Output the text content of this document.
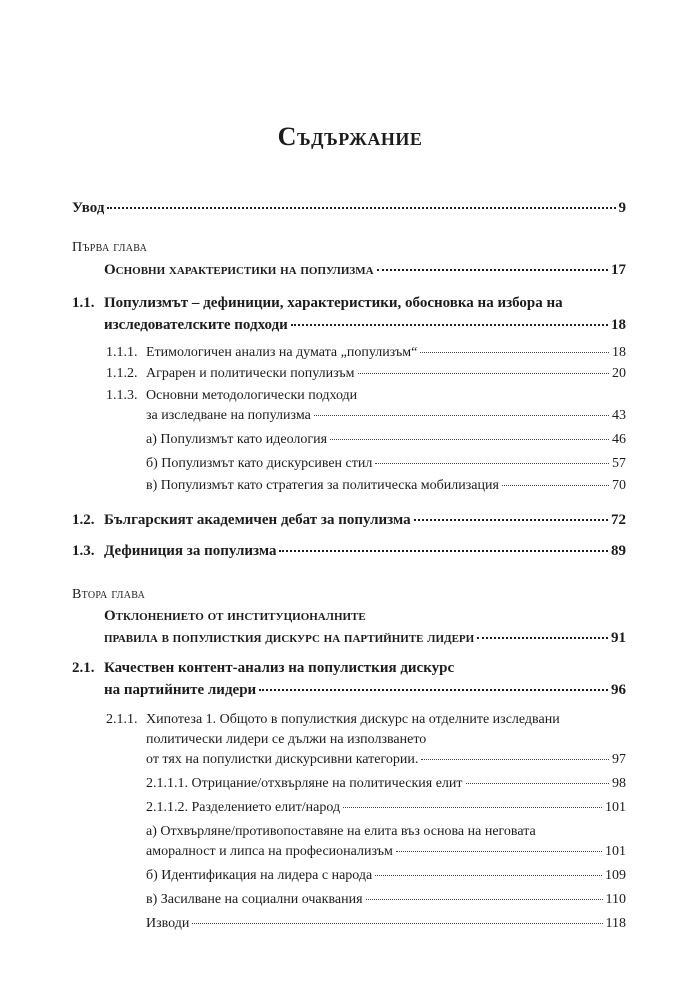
Съдържание
Увод	9
Първа глава
Основни характеристики на популизма	17
1.1. Популизмът – дефиниции, характеристики, обосновка на избора на
изследователските подходи	18
1.1.1. Етимологичен анализ на думата „популизъм“	18
1.1.2. Аграрен и политически популизъм	20
1.1.3. Основни методологически подходи
за изследване на популизма	43
а) Популизмът като идеология	46
б) Популизмът като дискурсивен стил	57
в) Популизмът като стратегия за политическа мобилизация	70
1.2. Българският академичен дебат за популизма	72
1.3. Дефиниция за популизма	89
Втора глава
Отклонението от институционалните
правила в популисткия дискурс на партийните лидери	91
2.1. Качествен контент-анализ на популисткия дискурс
на партийните лидери	96
2.1.1. Хипотеза 1. Общото в популисткия дискурс на отделните изследвани
политически лидери се дължи на използването
от тях на популистки дискурсивни категории.	97
2.1.1.1. Отрицание/отхвърляне на политическия елит	98
2.1.1.2. Разделението елит/народ	101
а) Отхвърляне/противопоставяне на елита въз основа на неговата
аморалност и липса на професионализъм	101
б) Идентификация на лидера с народа	109
в) Засилване на социални очаквания	110
Изводи	118
